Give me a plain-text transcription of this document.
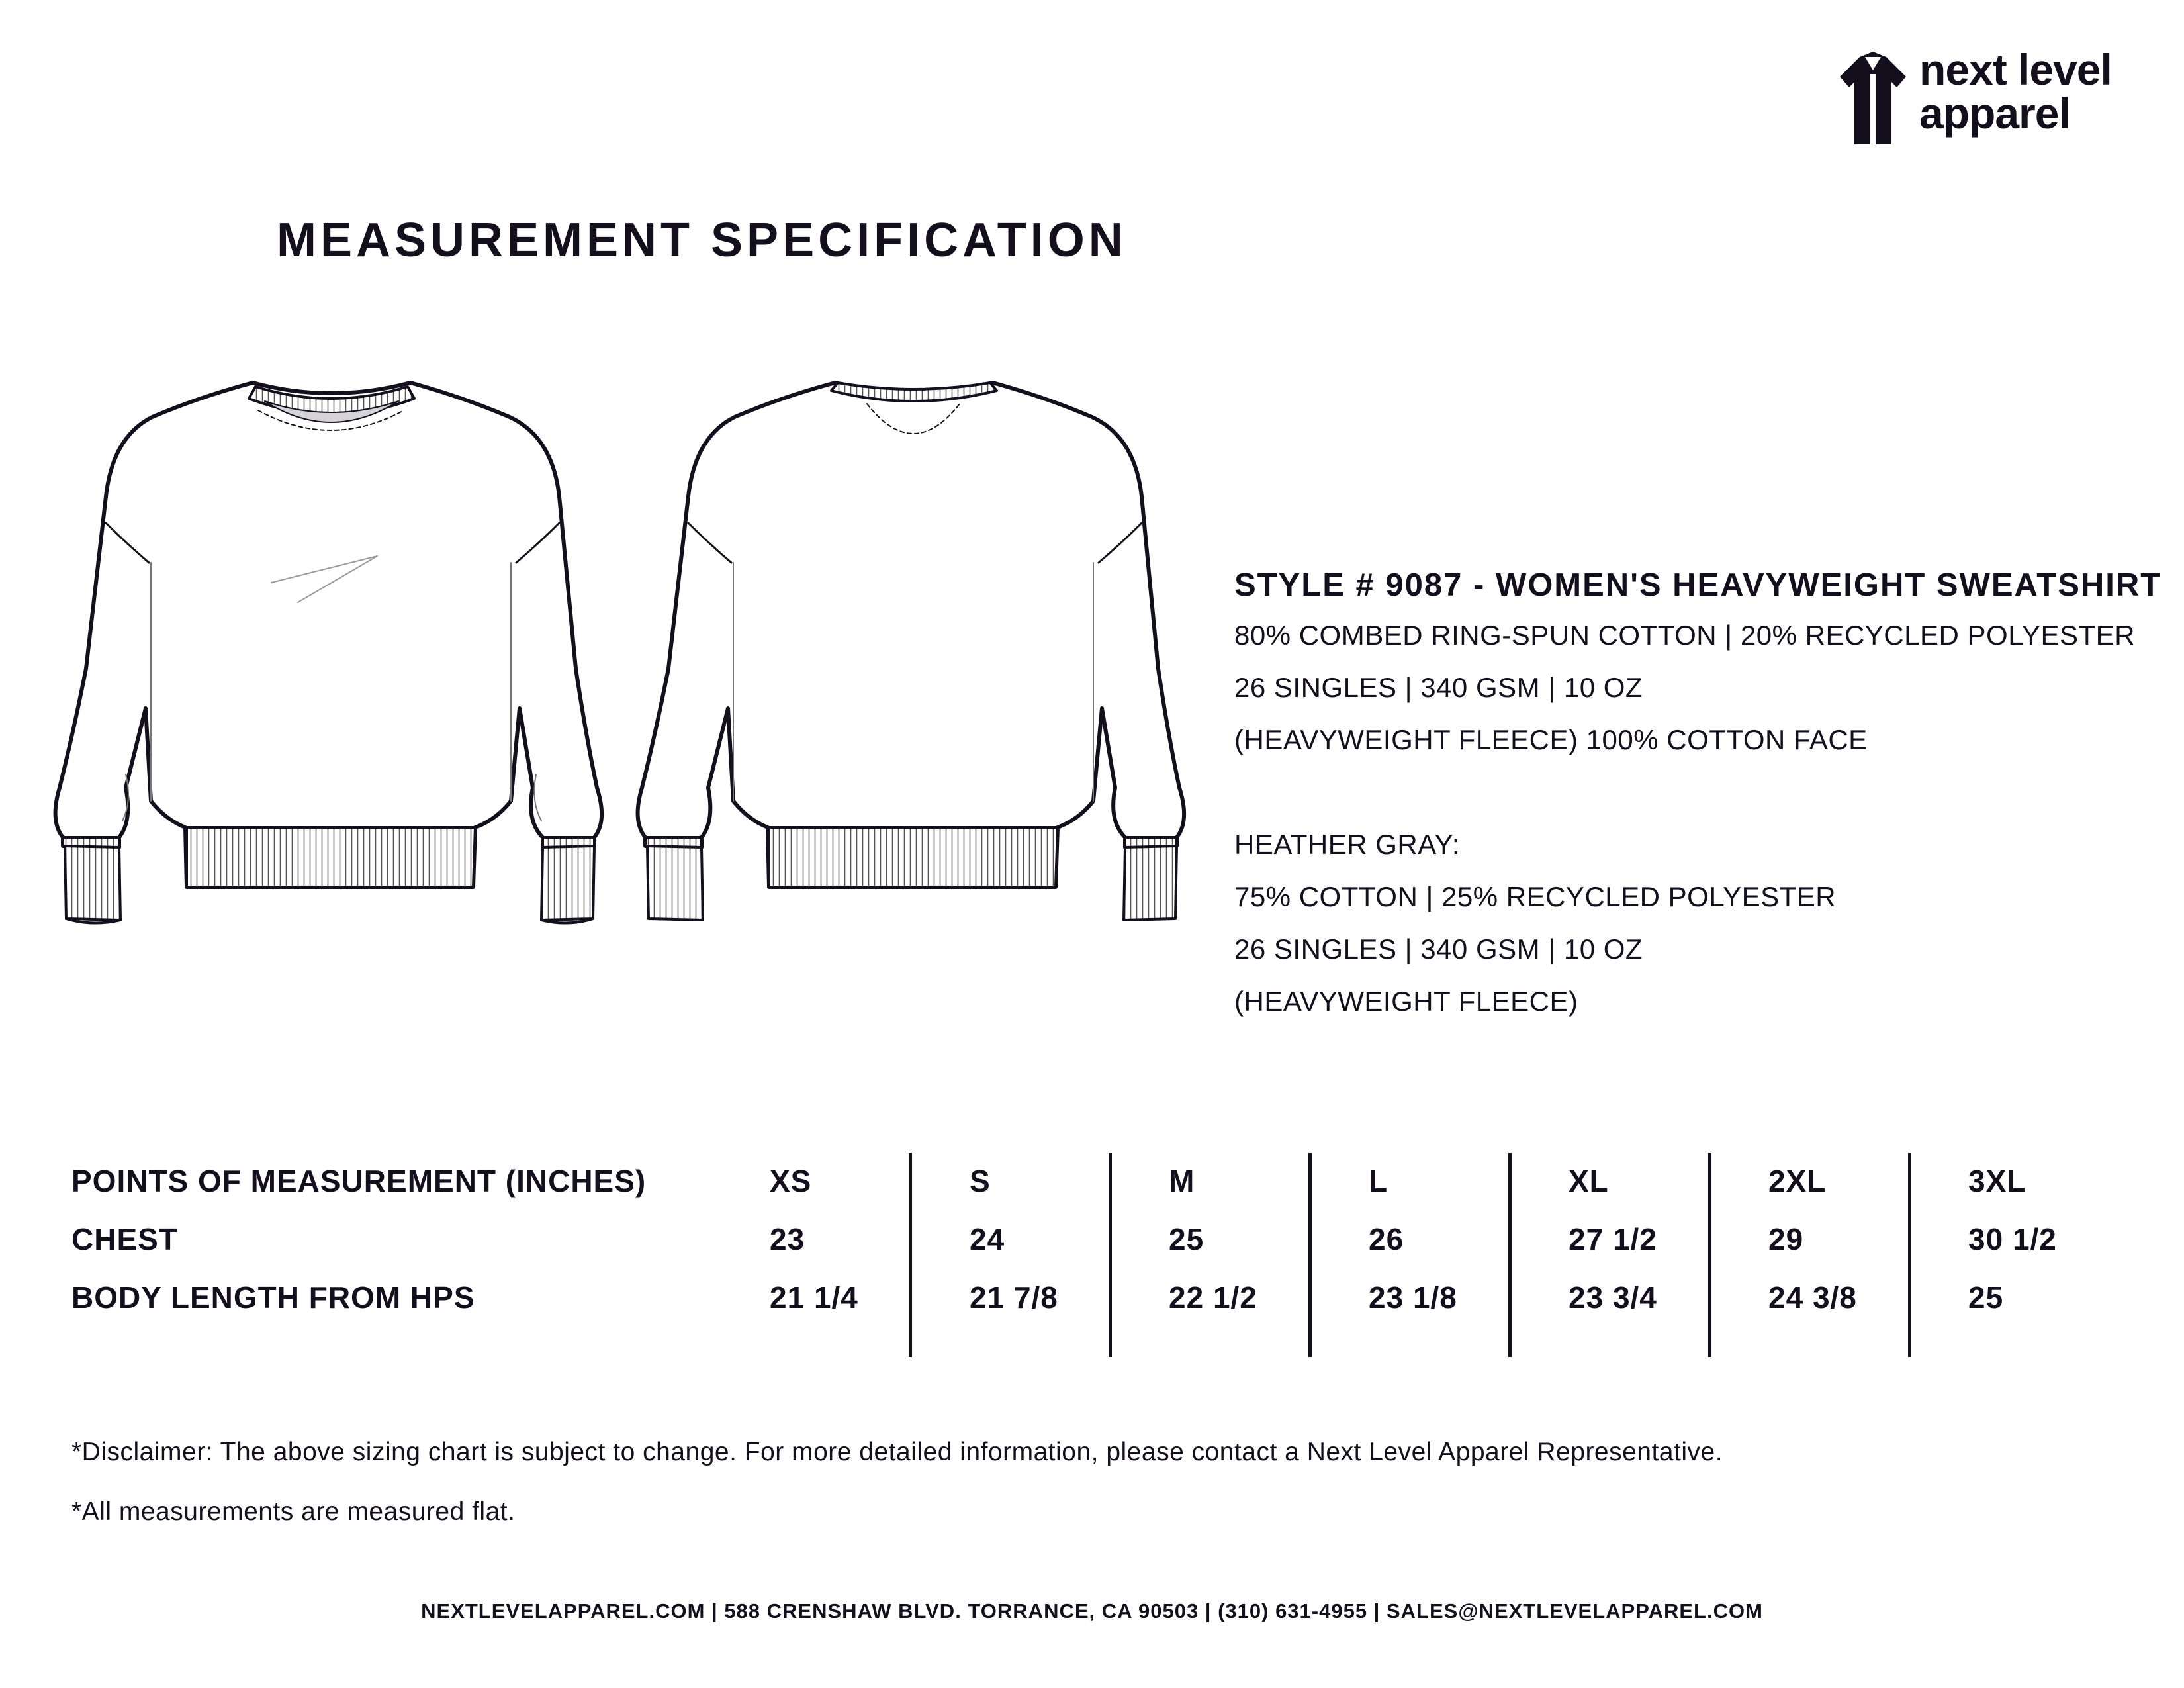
next level
apparel
MEASUREMENT SPECIFICATION
STYLE # 9087 - WOMEN'S HEAVYWEIGHT SWEATSHIRT
80% COMBED RING-SPUN COTTON | 20% RECYCLED POLYESTER
26 SINGLES | 340 GSM | 10 OZ
(HEAVYWEIGHT FLEECE) 100% COTTON FACE
HEATHER GRAY:
75% COTTON | 25% RECYCLED POLYESTER
26 SINGLES | 340 GSM | 10 OZ
(HEAVYWEIGHT FLEECE)
POINTS OF MEASUREMENT (INCHES)
CHEST
BODY LENGTH FROM HPS
XS
23
21 1/4
S
24
21 7/8
M
25
22 1/2
L
26
23 1/8
XL
27 1/2
23 3/4
2XL
29
24 3/8
3XL
30 1/2
25
*Disclaimer: The above sizing chart is subject to change. For more detailed information, please contact a Next Level Apparel Representative.
*All measurements are measured flat.
NEXTLEVELAPPAREL.COM | 588 CRENSHAW BLVD. TORRANCE, CA 90503 | (310) 631-4955 | SALES@NEXTLEVELAPPAREL.COM
